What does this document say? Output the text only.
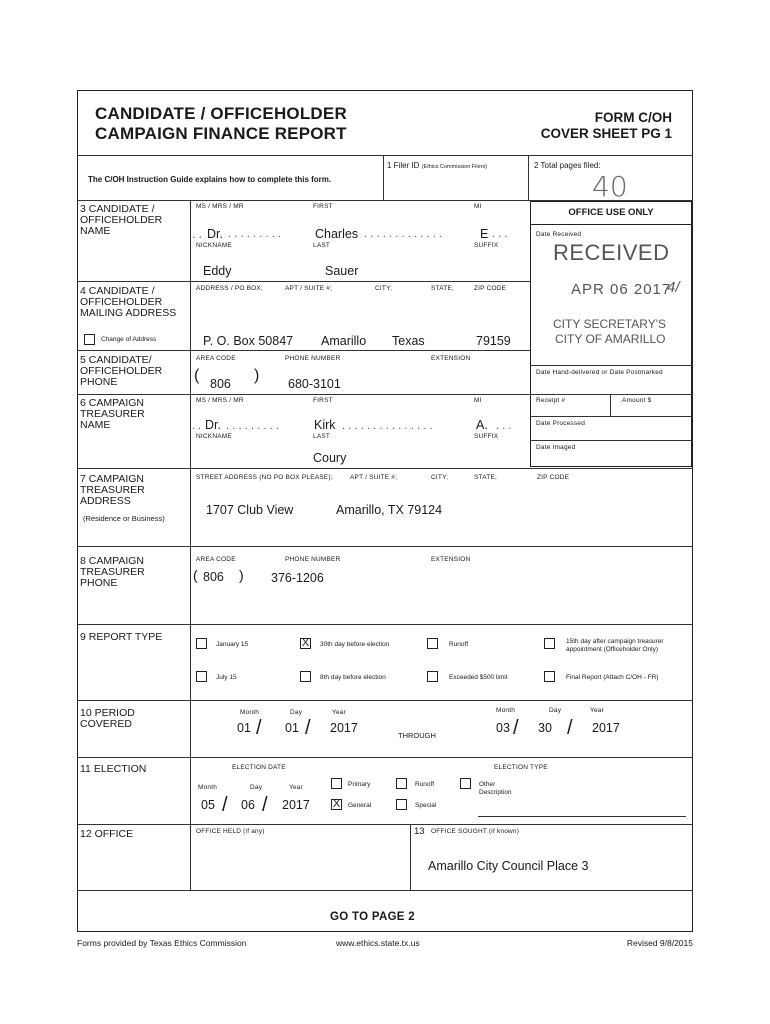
CANDIDATE / OFFICEHOLDER
CAMPAIGN FINANCE REPORT
FORM C/OH
COVER SHEET PG 1
The C/OH Instruction Guide explains how to complete this form.
1 Filer ID (Ethics Commission Filers)	2 Total pages filed:
40
OFFICE USE ONLY
Date Received
RECEIVED
APR 06 2017
4/ 
CITY SECRETARY'S
CITY OF AMARILLO
Date Hand-delivered or Date Postmarked
Receipt #	Amount $
Date Processed
Date Imaged
3 CANDIDATE / OFFICEHOLDER NAME
MS / MRS / MR	FIRST	MI
.. Dr. ......... Charles .............	E ...
NICKNAME	LAST	SUFFIX
Eddy	Sauer
4 CANDIDATE / OFFICEHOLDER MAILING ADDRESS
Change of Address
ADDRESS / PO BOX;	APT / SUITE #;	CITY;	STATE;	ZIP CODE
P. O. Box 50847 Amarillo Texas	79159
5 CANDIDATE/ OFFICEHOLDER PHONE
AREA CODE	PHONE NUMBER	EXTENSION
( 806 ) 680-3101
6 CAMPAIGN TREASURER NAME
MS / MRS / MR	FIRST	MI
.. Dr. .........	Kirk ...............	A. ...
NICKNAME	LAST	SUFFIX
Coury
7 CAMPAIGN TREASURER ADDRESS
(Residence or Business)
STREET ADDRESS (NO PO BOX PLEASE);	APT / SUITE #;	CITY;	STATE;	ZIP CODE
1707 Club View	Amarillo, TX 79124
8 CAMPAIGN TREASURER PHONE
AREA CODE	PHONE NUMBER	EXTENSION
( 806 ) 376-1206
9 REPORT TYPE
January 15	X 30th day before election	Runoff	15th day after campaign treasurer appointment (Officeholder Only)
July 15	8th day before election	Exceeded $500 limit	Final Report (Attach C/OH - FR)
10 PERIOD COVERED
Month	Day	Year
01 / 01 / 2017
THROUGH
Month	Day	Year
03 / 30 / 2017
11 ELECTION	ELECTION DATE	ELECTION TYPE
Month	Day	Year
05 / 06 / 2017
Primary	Runoff	Other Description
X General	Special
12 OFFICE	OFFICE HELD (if any)	13 OFFICE SOUGHT (if known)
Amarillo City Council Place 3
GO TO PAGE 2
Forms provided by Texas Ethics Commission	www.ethics.state.tx.us	Revised 9/8/2015
